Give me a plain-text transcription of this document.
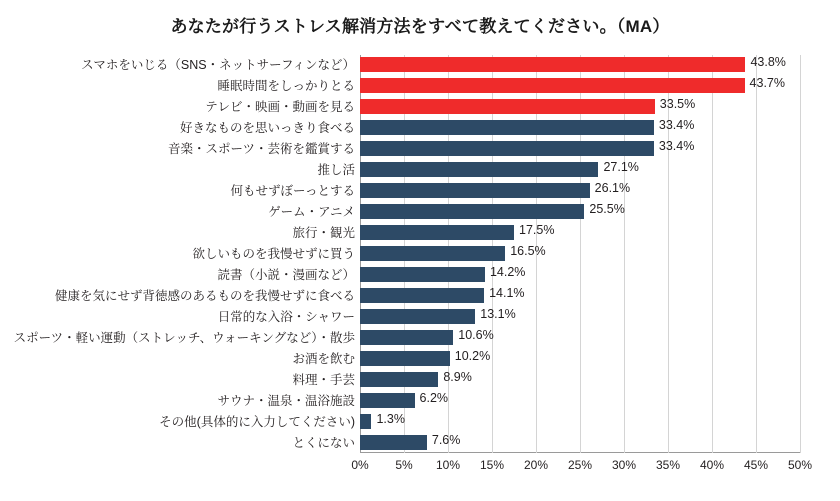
あなたが行うストレス解消方法をすべて教えてください。（MA）
スマホをいじる（SNS・ネットサーフィンなど）
睡眠時間をしっかりとる
テレビ・映画・動画を見る
好きなものを思いっきり食べる
音楽・スポーツ・芸術を鑑賞する
推し活
何もせずぼーっとする
ゲーム・アニメ
旅行・観光
欲しいものを我慢せずに買う
読書（小説・漫画など）
健康を気にせず背徳感のあるものを我慢せずに食べる
日常的な入浴・シャワー
スポーツ・軽い運動（ストレッチ、ウォーキングなど）・散歩
お酒を飲む
料理・手芸
サウナ・温泉・温浴施設
その他(具体的に入力してください)
とくにない
0% 5% 10% 15% 20% 25% 30% 35% 40% 45% 50%
43.8%
43.7%
33.5%
33.4%
33.4%
27.1%
26.1%
25.5%
17.5%
16.5%
14.2%
14.1%
13.1%
10.6%
10.2%
8.9%
6.2%
1.3%
7.6%
